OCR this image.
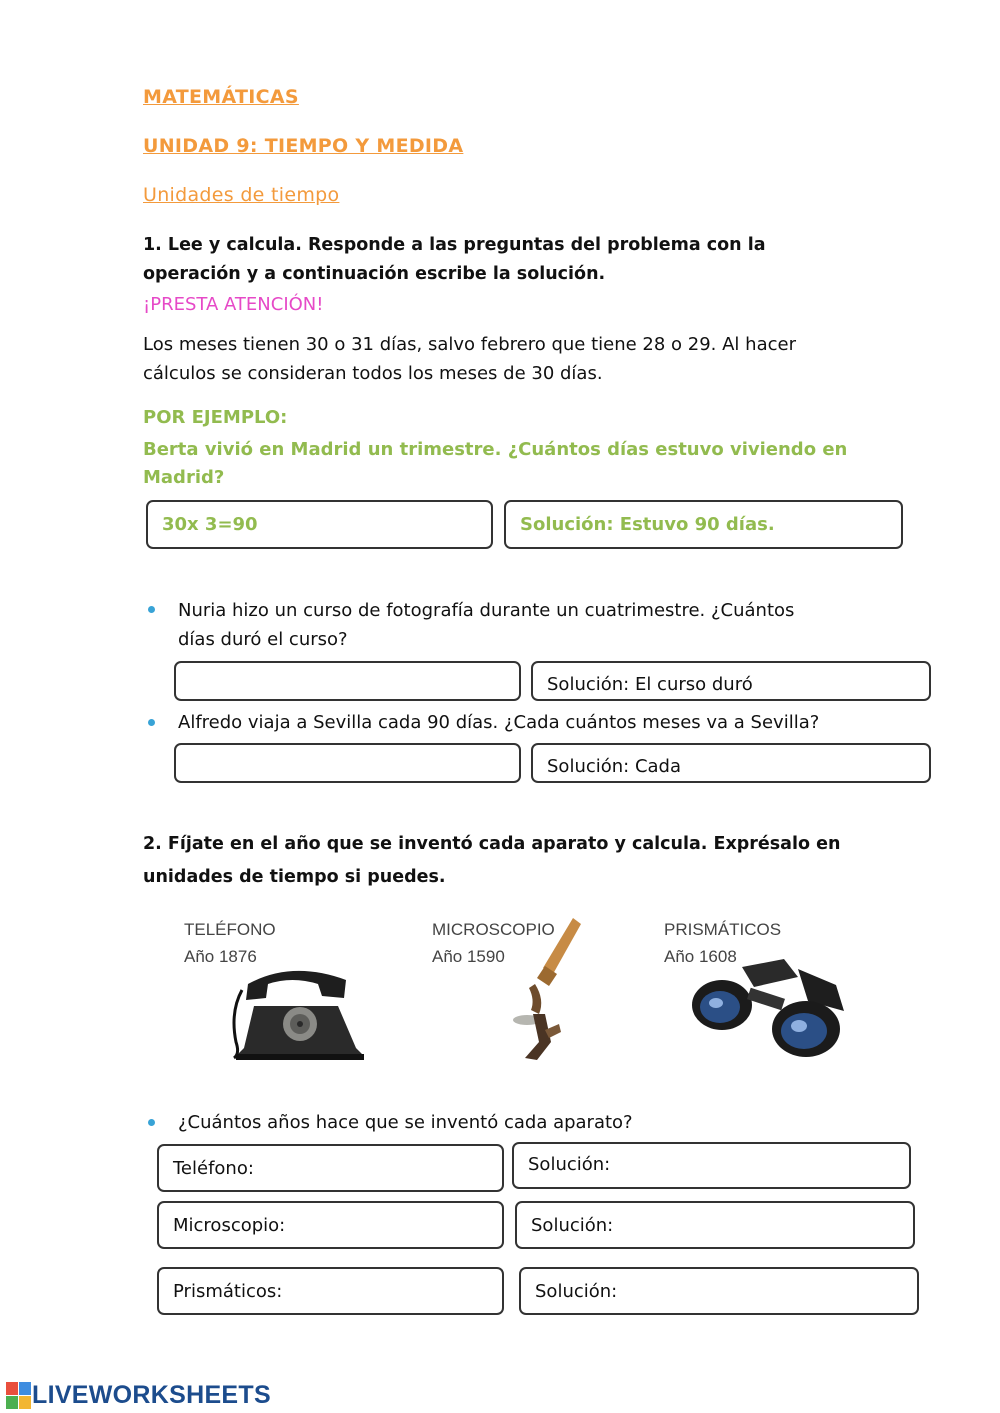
MATEMÁTICAS
UNIDAD 9: TIEMPO Y MEDIDA
Unidades de tiempo
1. Lee y calcula. Responde a las preguntas del problema con la
operación y a continuación escribe la solución.
¡PRESTA ATENCIÓN!
Los meses tienen 30 o 31 días, salvo febrero que tiene 28 o 29. Al hacer
cálculos se consideran todos los meses de 30 días.
POR EJEMPLO:
Berta vivió en Madrid un trimestre. ¿Cuántos días estuvo viviendo en
Madrid?
30x 3=90	Solución: Estuvo 90 días.
Nuria hizo un curso de fotografía durante un cuatrimestre. ¿Cuántos
días duró el curso?
Solución: El curso duró
Alfredo viaja a Sevilla cada 90 días. ¿Cada cuántos meses va a Sevilla?
Solución: Cada
2. Fíjate en el año que se inventó cada aparato y calcula. Exprésalo en
unidades de tiempo si puedes.
TELÉFONO
Año 1876
MICROSCOPIO
Año 1590
PRISMÁTICOS
Año 1608
¿Cuántos años hace que se inventó cada aparato?
Teléfono:	Solución:
Microscopio:	Solución:
Prismáticos:	Solución:
LIVEWORKSHEETS
